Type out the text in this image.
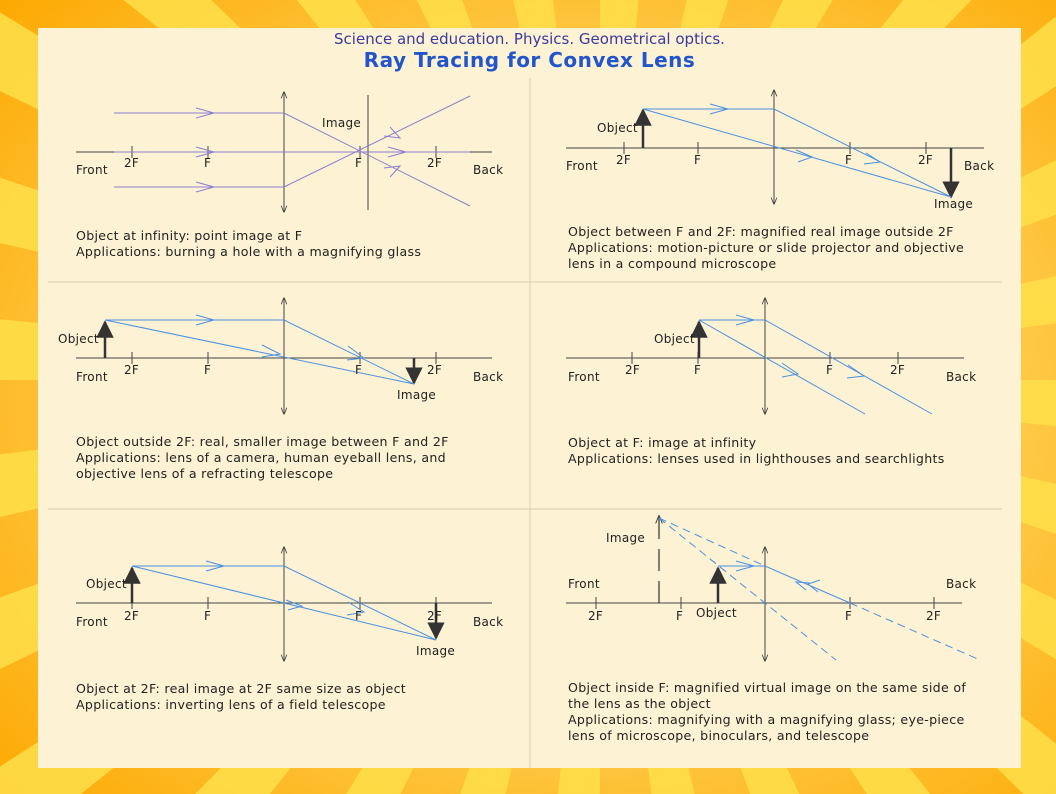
Science and education. Physics. Geometrical optics.
Ray Tracing for Convex Lens
Front 2F	F	F	2F	Back
Image	Object
Front 2F	F	F	2F	Back
Image
Object
Front 2F	F	F	2F	Back
Image
Object
Front 2F	F	F	2F	Back
Object
Front 2F	F	F	2F	Back
Image
Image
Front	Back
2F	F Object	F	2F
Object at infinity: point image at F
Applications: burning a hole with a magnifying glass
Object between F and 2F: magnified real image outside 2F
Applications: motion-picture or slide projector and objective
lens in a compound microscope
Object outside 2F: real, smaller image between F and 2F
Applications: lens of a camera, human eyeball lens, and
objective lens of a refracting telescope
Object at F: image at infinity
Applications: lenses used in lighthouses and searchlights
Object at 2F: real image at 2F same size as object
Applications: inverting lens of a field telescope
Object inside F: magnified virtual image on the same side of
the lens as the object
Applications: magnifying with a magnifying glass; eye-piece
lens of microscope, binoculars, and telescope
